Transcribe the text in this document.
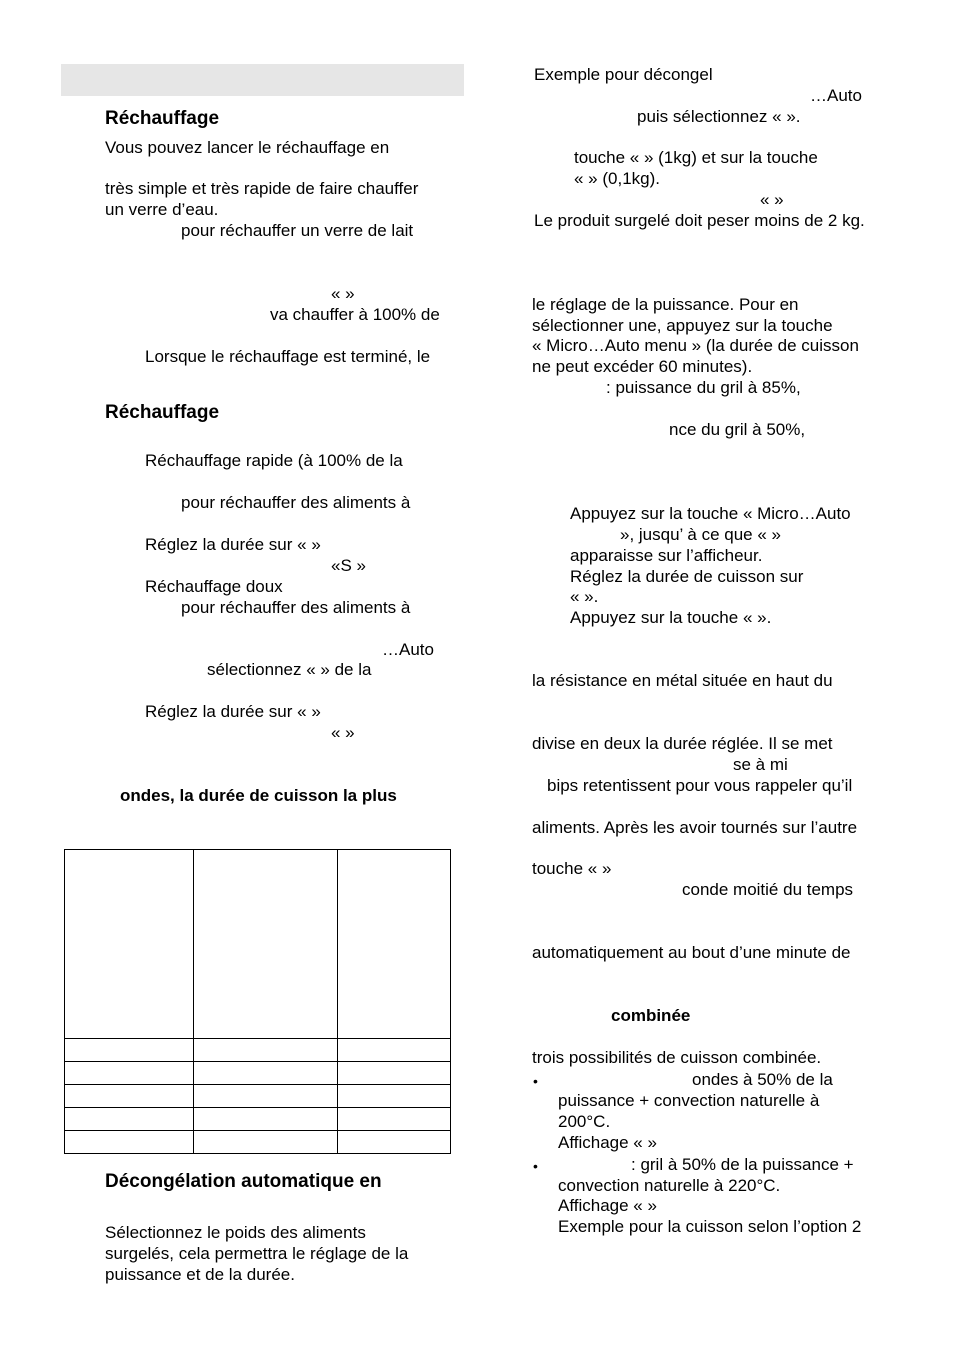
Réchauffage
Vous pouvez lancer le réchauffage en
très simple et très rapide de faire chauffer
un verre d’eau.
pour réchauffer un verre de lait
« »
va chauffer à 100% de
Lorsque le réchauffage est terminé, le
Réchauffage
Réchauffage rapide (à 100% de la
pour réchauffer des aliments à
Réglez la durée sur « »
«S »
Réchauffage doux
pour réchauffer des aliments à
…Auto
sélectionnez « » de la
Réglez la durée sur « »
« »
ondes, la durée de cuisson la plus

Décongélation automatique en
Sélectionnez le poids des aliments
surgelés, cela permettra le réglage de la
puissance et de la durée.
Exemple pour décongel
…Auto
puis sélectionnez « ».
touche « » (1kg) et sur la touche
« » (0,1kg).
« »
Le produit surgelé doit peser moins de 2 kg.
le réglage de la puissance. Pour en
sélectionner une, appuyez sur la touche
« Micro…Auto menu » (la durée de cuisson
ne peut excéder 60 minutes).
: puissance du gril à 85%,
nce du gril à 50%,
Appuyez sur la touche « Micro…Auto
», jusqu’ à ce que « »
apparaisse sur l’afficheur.
Réglez la durée de cuisson sur
« ».
Appuyez sur la touche « ».
la résistance en métal située en haut du
divise en deux la durée réglée. Il se met
se à mi
bips retentissent pour vous rappeler qu’il
aliments. Après les avoir tournés sur l’autre
touche « »
conde moitié du temps
automatiquement au bout d’une minute de
combinée
trois possibilités de cuisson combinée.
•	ondes à 50% de la
puissance + convection naturelle à
200°C.
Affichage « »
•	: gril à 50% de la puissance +
convection naturelle à 220°C.
Affichage « »
Exemple pour la cuisson selon l’option 2
